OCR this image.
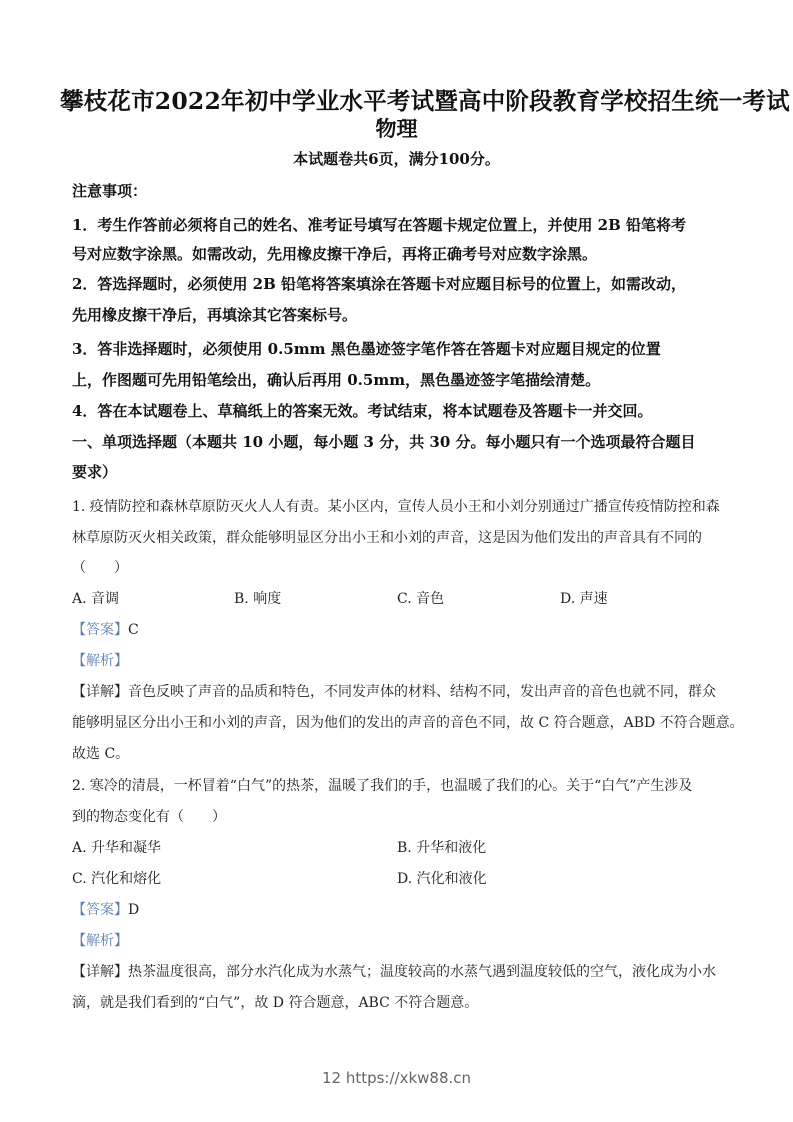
攀枝花市2022年初中学业水平考试暨高中阶段教育学校招生统一考试
物理
本试题卷共6页，满分100分。
注意事项：
1．考生作答前必须将自己的姓名、准考证号填写在答题卡规定位置上，并使用 2B 铅笔将考
号对应数字涂黑。如需改动，先用橡皮擦干净后，再将正确考号对应数字涂黑。
2．答选择题时，必须使用 2B 铅笔将答案填涂在答题卡对应题目标号的位置上，如需改动，
先用橡皮擦干净后，再填涂其它答案标号。
3．答非选择题时，必须使用 0.5mm 黑色墨迹签字笔作答在答题卡对应题目规定的位置
上，作图题可先用铅笔绘出，确认后再用 0.5mm，黑色墨迹签字笔描绘清楚。
4．答在本试题卷上、草稿纸上的答案无效。考试结束，将本试题卷及答题卡一并交回。
一、单项选择题（本题共 10 小题，每小题 3 分，共 30 分。每小题只有一个选项最符合题目
要求）
1. 疫情防控和森林草原防灭火人人有责。某小区内，宣传人员小王和小刘分别通过广播宣传疫情防控和森
林草原防灭火相关政策，群众能够明显区分出小王和小刘的声音，这是因为他们发出的声音具有不同的
（　　）
A. 音调	B. 响度	C. 音色	D. 声速
【答案】C
【解析】
【详解】音色反映了声音的品质和特色，不同发声体的材料、结构不同，发出声音的音色也就不同，群众
能够明显区分出小王和小刘的声音，因为他们的发出的声音的音色不同，故 C 符合题意，ABD 不符合题意。
故选 C。
2. 寒冷的清晨，一杯冒着“白气”的热茶，温暖了我们的手，也温暖了我们的心。关于“白气”产生涉及
到的物态变化有（　　）
A. 升华和凝华	B. 升华和液化
C. 汽化和熔化	D. 汽化和液化
【答案】D
【解析】
【详解】热茶温度很高，部分水汽化成为水蒸气；温度较高的水蒸气遇到温度较低的空气，液化成为小水
滴，就是我们看到的“白气”，故 D 符合题意，ABC 不符合题意。
12 https://xkw88.cn
